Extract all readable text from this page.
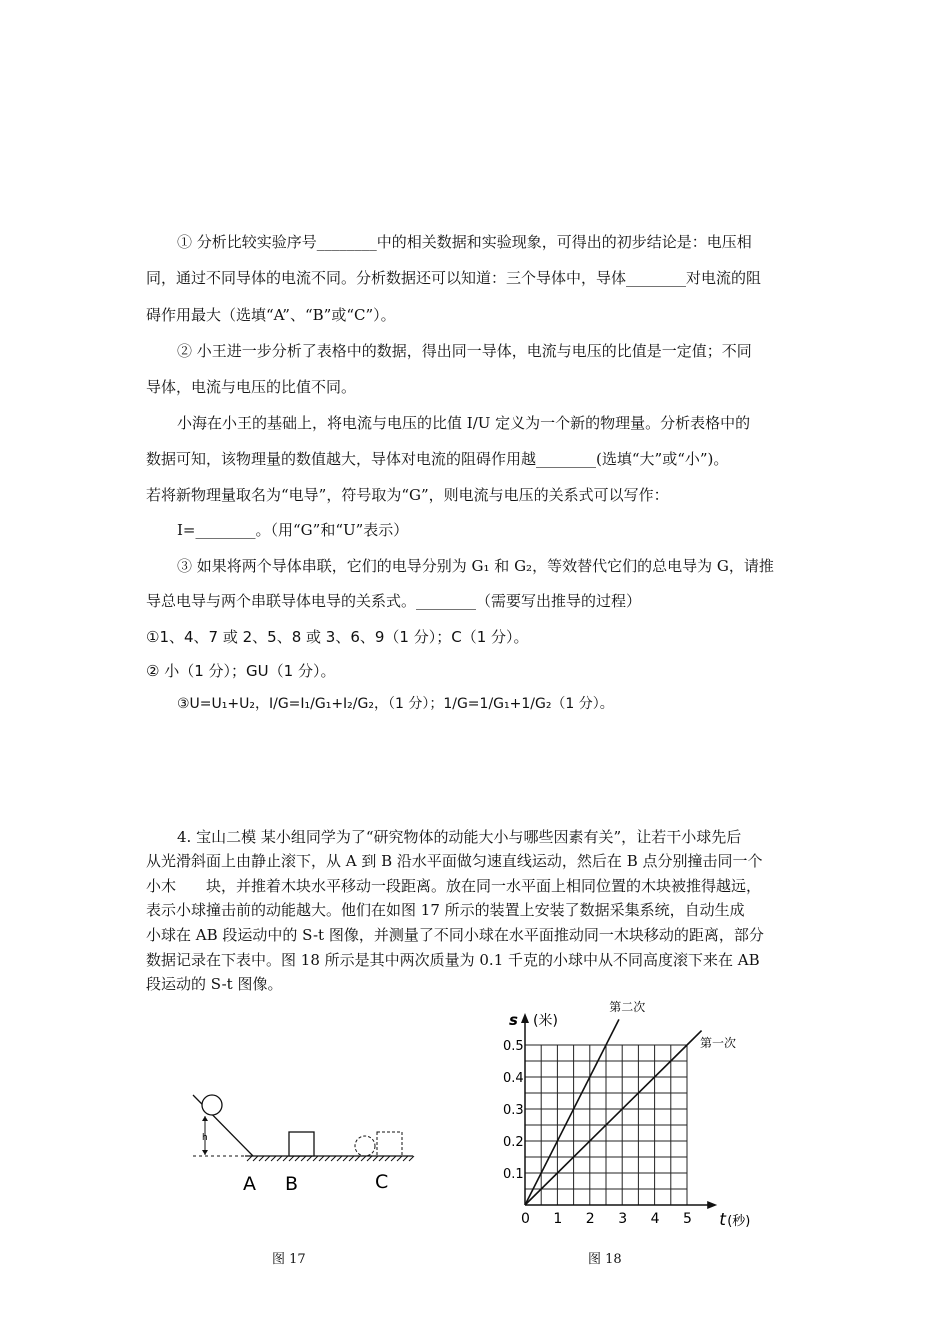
① 分析比较实验序号________中的相关数据和实验现象，可得出的初步结论是：电压相
同，通过不同导体的电流不同。分析数据还可以知道：三个导体中，导体________对电流的阻
碍作用最大（选填“A”、“B”或“C”）。
② 小王进一步分析了表格中的数据，得出同一导体，电流与电压的比值是一定值；不同
导体，电流与电压的比值不同。
小海在小王的基础上，将电流与电压的比值 I/U 定义为一个新的物理量。分析表格中的
数据可知，该物理量的数值越大，导体对电流的阻碍作用越________(选填“大”或“小”)。
若将新物理量取名为“电导”，符号取为“G”，则电流与电压的关系式可以写作：
I=________。（用“G”和“U”表示）
③ 如果将两个导体串联，它们的电导分别为 G₁ 和 G₂，等效替代它们的总电导为 G，请推
导总电导与两个串联导体电导的关系式。________（需要写出推导的过程）
①1、4、7 或 2、5、8 或 3、6、9（1 分）；C（1 分）。
② 小（1 分）；GU（1 分）。
③U=U₁+U₂，I/G=I₁/G₁+I₂/G₂，（1 分）；1/G=1/G₁+1/G₂（1 分）。
4. 宝山二模 某小组同学为了“研究物体的动能大小与哪些因素有关”，让若干小球先后
从光滑斜面上由静止滚下，从 A 到 B 沿水平面做匀速直线运动，然后在 B 点分别撞击同一个
小木　　块，并推着木块水平移动一段距离。放在同一水平面上相同位置的木块被推得越远，
表示小球撞击前的动能越大。他们在如图 17 所示的装置上安装了数据采集系统，自动生成
小球在 AB 段运动中的 S-t 图像，并测量了不同小球在水平面推动同一木块移动的距离，部分
数据记录在下表中。图 18 所示是其中两次质量为 0.1 千克的小球中从不同高度滚下来在 AB
段运动的 S-t 图像。
h
A B	C
图 17
0 1 2 3 4 5
0.1
0.2
0.3
0.4
0.5
s (米)
t (秒)
第二次
第一次
图 18
